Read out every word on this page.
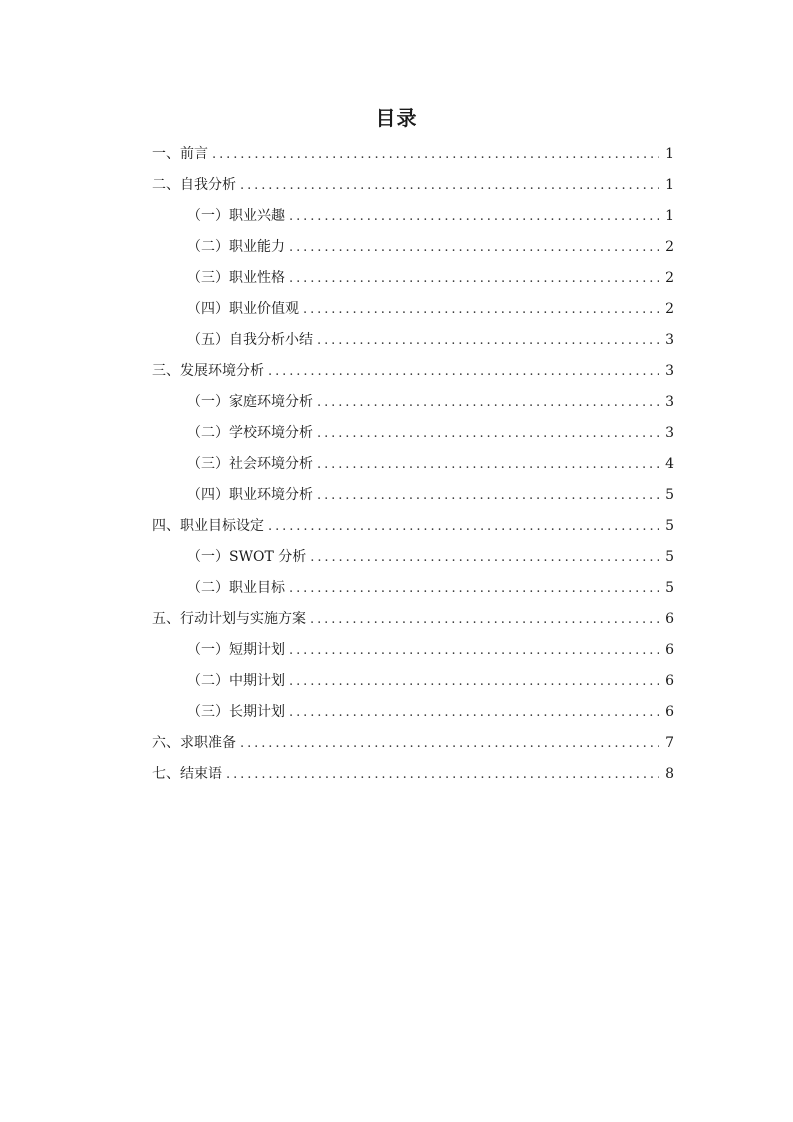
目录
一、前言 . . .	1
二、自我分析 . . .	1
（一）职业兴趣 . . .	1
（二）职业能力 . . .	2
（三）职业性格 . . .	2
（四）职业价值观 . . .	2
（五）自我分析小结 . . .	3
三、发展环境分析 . . .	3
（一）家庭环境分析 . . .	3
（二）学校环境分析 . . .	3
（三）社会环境分析 . . .	4
（四）职业环境分析 . . .	5
四、职业目标设定 . . .	5
（一）SWOT 分析 . . .	5
（二）职业目标 . . .	5
五、行动计划与实施方案 . . .	6
（一）短期计划 . . .	6
（二）中期计划 . . .	6
（三）长期计划 . . .	6
六、求职准备 . . .	7
七、结束语 . . .	8
